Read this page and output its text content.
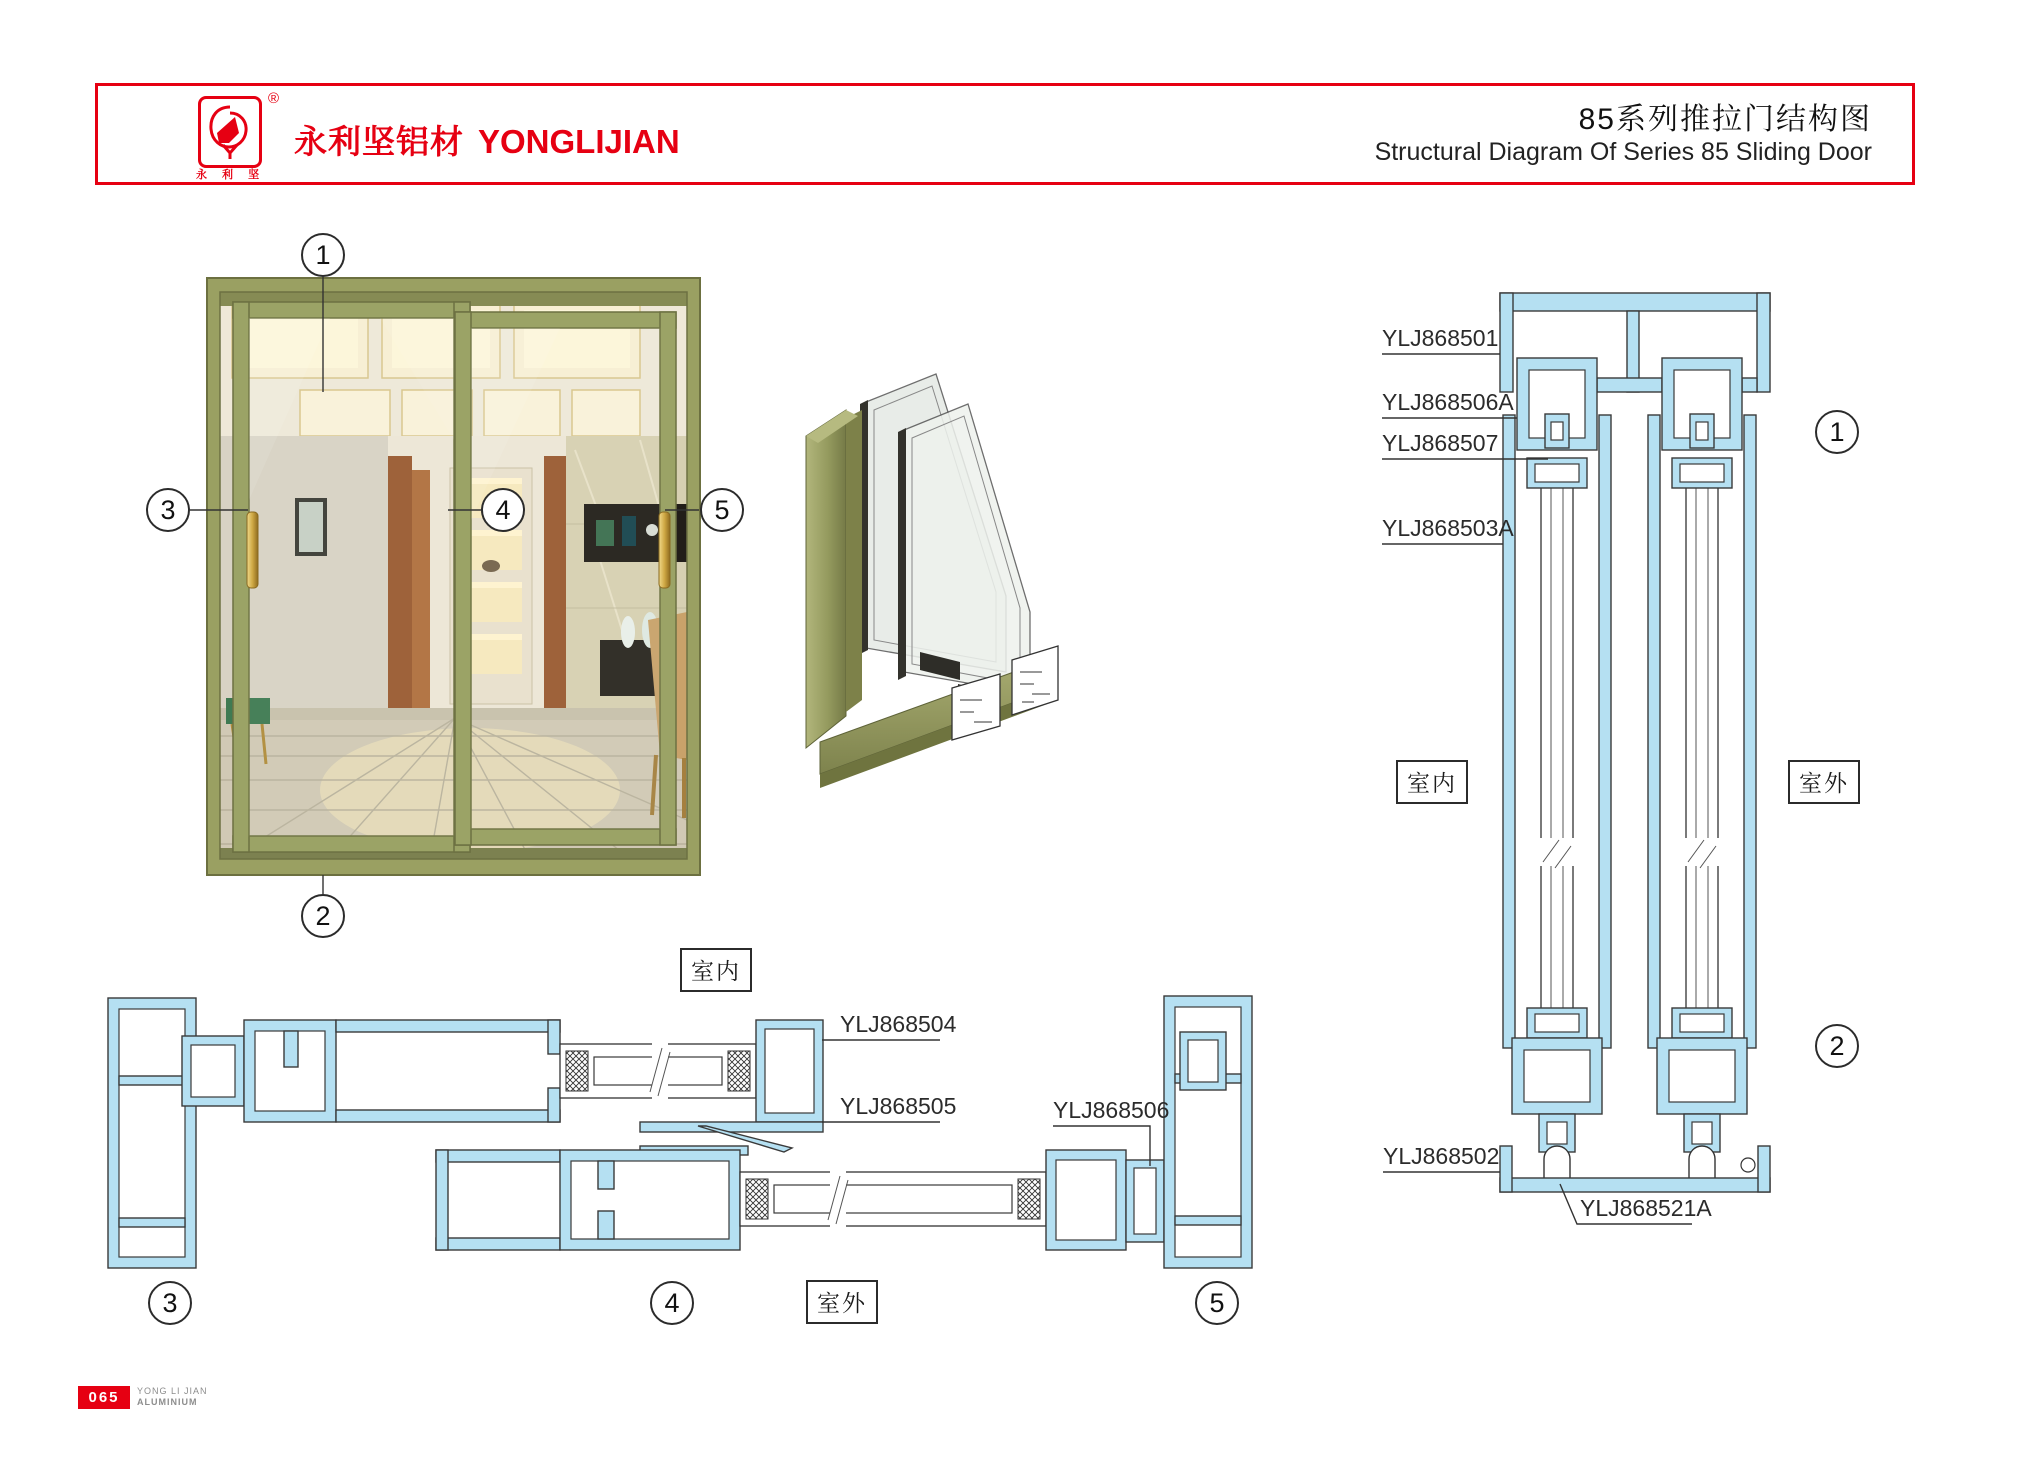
®
永 利 坚
永利坚铝材 YONGLIJIAN
85系列推拉门结构图
Structural Diagram Of Series 85 Sliding Door
1
3	4	5
2
YLJ868501
YLJ868506A
YLJ868507
YLJ868503A
YLJ868502
YLJ868521A
室内	室外
1
2
室内
YLJ868504
YLJ868505	YLJ868506
室外
3	4	5
065	YONG LI JIAN
ALUMINIUM
